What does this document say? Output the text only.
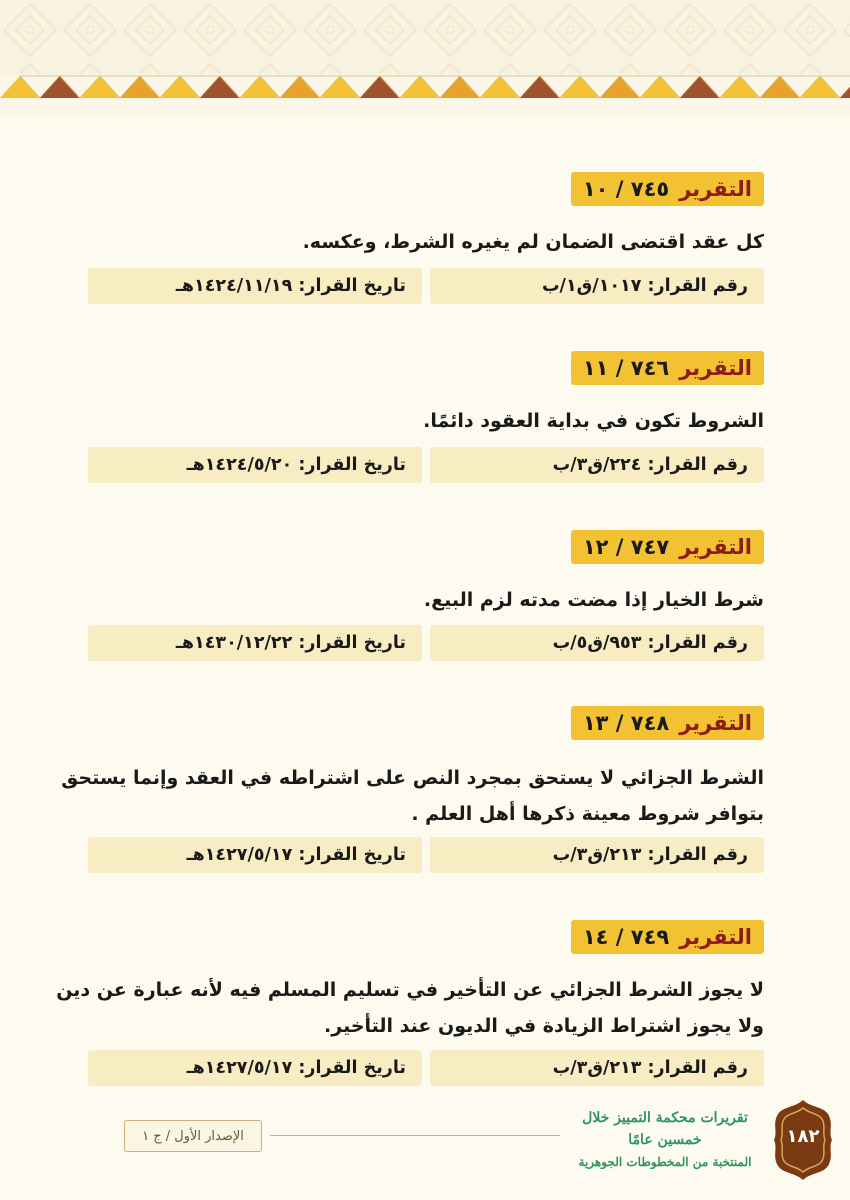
التقرير
٧٤٥ / ١٠
كل عقد اقتضى الضمان لم يغيره الشرط، وعكسه.
رقم القرار: ١٠١٧/ق١/ب
تاريخ القرار: ١٤٢٤/١١/١٩هـ
التقرير
٧٤٦ / ١١
الشروط تكون في بداية العقود دائمًا.
رقم القرار: ٢٢٤/ق٣/ب
تاريخ القرار: ١٤٢٤/٥/٢٠هـ
التقرير
٧٤٧ / ١٢
شرط الخيار إذا مضت مدته لزم البيع.
رقم القرار: ٩٥٣/ق٥/ب
تاريخ القرار: ١٤٣٠/١٢/٢٢هـ
التقرير
٧٤٨ / ١٣
الشرط الجزائي لا يستحق بمجرد النص على اشتراطه في العقد وإنما يستحق
بتوافر شروط معينة ذكرها أهل العلم .
رقم القرار: ٢١٣/ق٣/ب
تاريخ القرار: ١٤٢٧/٥/١٧هـ
التقرير
٧٤٩ / ١٤
لا يجوز الشرط الجزائي عن التأخير في تسليم المسلم فيه لأنه عبارة عن دين
ولا يجوز اشتراط الزيادة في الديون عند التأخير.
رقم القرار: ٢١٣/ق٣/ب
تاريخ القرار: ١٤٢٧/٥/١٧هـ
الإصدار الأول / ج ١
تقريرات محكمة التمييز خلال خمسين عامًا
المنتخبة من المخطوطات الجوهرية
١٨٢
